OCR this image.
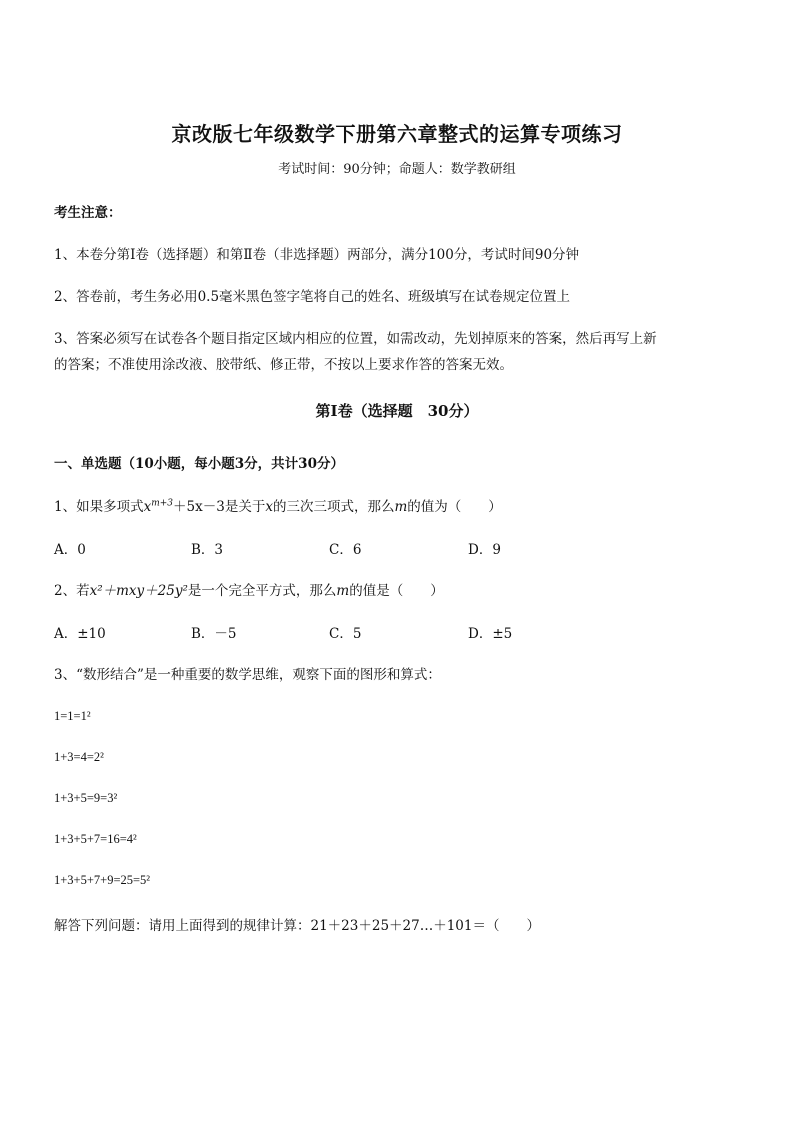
京改版七年级数学下册第六章整式的运算专项练习
考试时间：90分钟；命题人：数学教研组
考生注意：
1、本卷分第Ⅰ卷（选择题）和第Ⅱ卷（非选择题）两部分，满分100分，考试时间90分钟
2、答卷前，考生务必用0.5毫米黑色签字笔将自己的姓名、班级填写在试卷规定位置上
3、答案必须写在试卷各个题目指定区域内相应的位置，如需改动，先划掉原来的答案，然后再写上新
的答案；不准使用涂改液、胶带纸、修正带，不按以上要求作答的答案无效。
第Ⅰ卷（选择题　30分）
一、单选题（10小题，每小题3分，共计30分）
1、如果多项式$x^{m+3}+5x-3$是关于x的三次三项式，那么m的值为（　　）
A．0	B．3	C．6	D．9
2、若x²＋mxy＋25y²是一个完全平方式，那么m的值是（　　）
A．±10	B．－5	C．5	D．±5
3、“数形结合”是一种重要的数学思维，观察下面的图形和算式：
1=1=1²
1+3=4=2²
1+3+5=9=3²
1+3+5+7=16=4²
1+3+5+7+9=25=5²
解答下列问题：请用上面得到的规律计算：21＋23＋25＋27…＋101＝（　　）
